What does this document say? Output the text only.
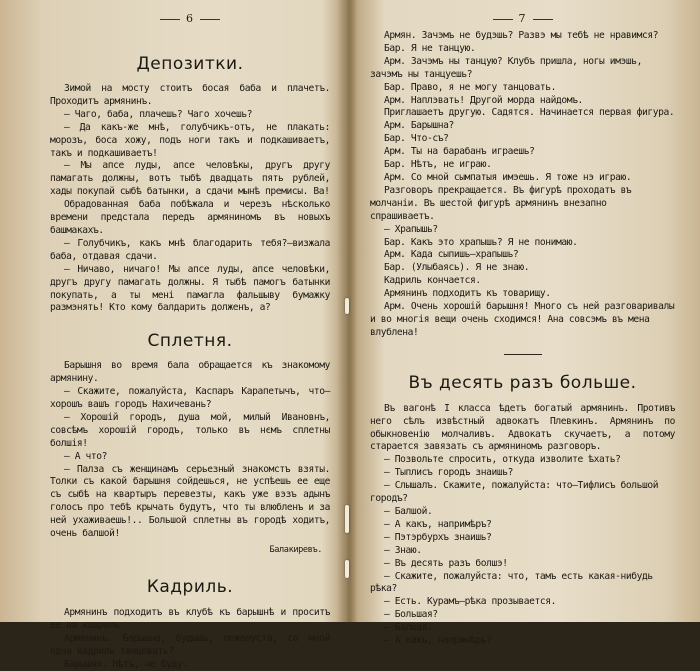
6
Депозитки.

Зимой на мосту стоитъ босая баба и плачетъ. Проходитъ армянинъ.

— Чаго, баба, плачешь? Чаго хочешь?

— Да какъ-же мнѣ, голубчикъ-отъ, не плакать: морозъ, боса хожу, подъ ноги такъ и подкашиваетъ, такъ и подкашиваетъ!

— Мы апсе луды, апсе человѣкы, другъ другу памагать должны, вотъ тыбѣ двадцать пять рублей, хады покупай сыбѣ батынки, а сдачи мынѣ премисы. Ва!

Обрадованная баба побѣжала и черезъ нѣсколько времени предстала передъ армяниномъ въ новыхъ башмакахъ.

— Голубчикъ, какъ мнѣ благодарить тебя?—визжала баба, отдавая сдачи.

— Ничаво, ничаго! Мы апсе луды, апсе человѣки, другъ другу памагать должны. Я тыбѣ памогъ батынки покупать, а ты мені памагла фальшыву бумажку размэнять! Кто кому балдарить долженъ, а?

Сплетня.

Барышня во время бала обращается къ знакомому армянину.

— Скажите, пожалуйста, Каспаръ Карапетычъ, что—хорошъ вашъ городъ Нахичевань?

— Хорошій городъ, душа мой, милый Ивановнъ, совсѣмъ хорошій городъ, только въ нємъ сплетны болшія!

— А что?

— Палза съ женщинамъ серьезный знакомстъ взяты. Толки съ какой барышня сойдешься, не успѣешь ее еще съ сыбѣ на квартыръ перевезты, какъ уже вэзъ адынъ голосъ про тебѣ крычать будутъ, что ты влюбленъ и за ней ухаживаешь!.. Большой сплетны въ городѣ ходитъ, очень балшой!

Балакиревъ.

Кадриль.

Армянинъ подходитъ въ клубѣ къ барышнѣ и проситъ ее на кадриль.

Армянинъ. Барышна, будышь, пожалуста, со мной одна кадриль танцовать?

Барышня. Нѣтъ, не буду.

7

Армян. Зачэмъ не будэшь? Развэ мы тебѣ не нравимся?

Бар. Я не танцую.

Арм. Зачэмъ ны танцую? Клубъ пришла, ногы имэшь, зачэмъ ны танцуешь?

Бар. Право, я не могу танцовать.

Арм. Наплэвать! Другой морда найдомъ.

Приглашаетъ другую. Садятся. Начинается первая фигура.

Арм. Барышна?

Бар. Что-съ?

Арм. Ты на барабанъ играешь?

Бар. Нѣтъ, не играю.

Арм. Со мной сымпатыя имэешь. Я тоже нэ играю.

Разговоръ прекращается. Въ фигурѣ проходатъ въ молчаніи. Въ шестой фигурѣ армянинъ внезапно спрашиваетъ.

— Храпышь?

Бар. Какъ это храпышь? Я не понимаю.

Арм. Када сыпишь—храпышь?

Бар. (Улыбаясь). Я не знаю.

Кадриль кончается.

Армянинъ подходитъ къ товарищу.

Арм. Очень хорошій барышня! Много съ ней разговаривалы и во многія вещи очень сходимся! Ана совсэмъ въ мена влублена!

Въ десять разъ больше.

Въ вагонѣ I класса ѣдетъ богатый армянинъ. Противъ него сѣлъ извѣстный адвокатъ Плевкинъ. Армянинъ по обыкновенію молчаливъ. Адвокатъ скучаетъ, а потому старается завязать съ армяниномъ разговоръ.

— Позвольте спросить, откуда изволите ѣхать?

— Тыплисъ городъ знаишь?

— Слышалъ. Скажите, пожалуйста: что—Тифлисъ большой городъ?

— Балшой.

— А какъ, напримѣръ?

— Пэтэрбурхъ знаишь?

— Знаю.

— Въ десять разъ болшэ!

— Скажите, пожалуйста: что, тамъ есть какая-нибудь рѣка?

— Есть. Курамъ—рѣка прозывается.

— Большая?

— Балшая.

— А какъ, напримѣръ?
